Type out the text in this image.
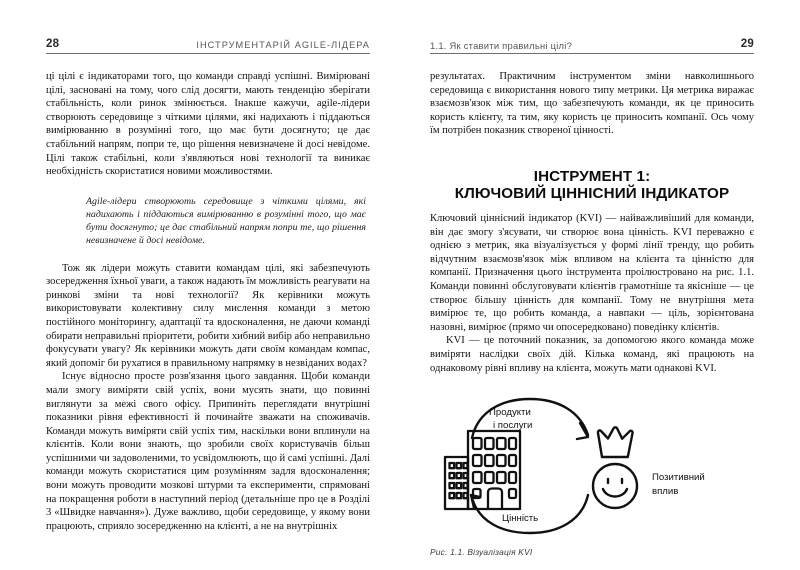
28	ІНСТРУМЕНТАРІЙ AGILE-ЛІДЕРА

ці цілі є індикаторами того, що команди справді успішні. Вимірювані цілі, засновані на тому, чого слід досягти, мають тенденцію зберігати стабільність, коли ринок змінюється. Інакше кажучи, agile-лідери створюють середовище з чіткими цілями, які надихають і піддаються вимірюванню в розумінні того, що має бути досягнуто; це дає стабільний напрям, попри те, що рішення невизначене й досі невідоме. Цілі також стабільні, коли з'являються нові технології та виникає необхідність скористатися новими можливостями.

Agile-лідери створюють середовище з чіткими цілями, які надихають і піддаються вимірюванню в розумінні того, що має бути досягнуто; це дає стабільний напрям попри те, що рішення невизначене й досі невідоме.

Тож як лідери можуть ставити командам цілі, які забезпечують зосередження їхньої уваги, а також надають їм можливість реагувати на ринкові зміни та нові технології? Як керівники можуть використовувати колективну силу мислення команди з метою постійного моніторингу, адаптації та вдосконалення, не даючи команді обирати неправильні пріоритети, робити хибний вибір або неправильно фокусувати увагу? Як керівники можуть дати своїм командам компас, який допоміг би рухатися в правильному напрямку в незвіданих водах?

Існує відносно просте розв'язання цього завдання. Щоби команди мали змогу виміряти свій успіх, вони мусять знати, що повинні виглянути за межі свого офісу. Припиніть переглядати внутрішні показники рівня ефективності й починайте зважати на споживачів. Команди можуть виміряти свій успіх тим, наскільки вони вплинули на клієнтів. Коли вони знають, що зробили своїх користувачів більш успішними чи задоволеними, то усвідомлюють, що й самі успішні. Далі команди можуть скористатися цим розумінням задля вдосконалення; вони можуть проводити мозкові штурми та експерименти, спрямовані на покращення роботи в наступний період (детальніше про це в Розділі 3 «Швидке навчання»). Дуже важливо, щоби середовище, у якому вони працюють, сприяло зосередженню на клієнті, а не на внутрішніх

1.1. Як ставити правильні цілі?	29

результатах. Практичним інструментом зміни навколишнього середовища є використання нового типу метрики. Ця метрика виражає взаємозв'язок між тим, що забезпечують команди, як це приносить користь клієнту, та тим, яку користь це приносить компанії. Ось чому їм потрібен показник створеної цінності.

ІНСТРУМЕНТ 1:
КЛЮЧОВИЙ ЦІННІСНИЙ ІНДИКАТОР

Ключовий ціннісний індикатор (KVI) — найважливіший для команди, він дає змогу з'ясувати, чи створює вона цінність. KVI переважно є однією з метрик, яка візуалізується у формі лінії тренду, що робить відчутним взаємозв'язок між впливом на клієнта та цінністю для компанії. Призначення цього інструмента проілюстровано на рис. 1.1. Команди повинні обслуговувати клієнтів грамотніше та якісніше — це створює більшу цінність для компанії. Тому не внутрішня мета вимірює те, що робить команда, а навпаки — ціль, зорієнтована назовні, вимірює (прямо чи опосередковано) поведінку клієнтів.

KVI — це поточний показник, за допомогою якого команда може виміряти наслідки своїх дій. Кілька команд, які працюють на однаковому рівні впливу на клієнта, можуть мати однакові KVI.

Продукти
і послуги
Цінність
Позитивний
вплив
Рис. 1.1. Візуалізація KVI
